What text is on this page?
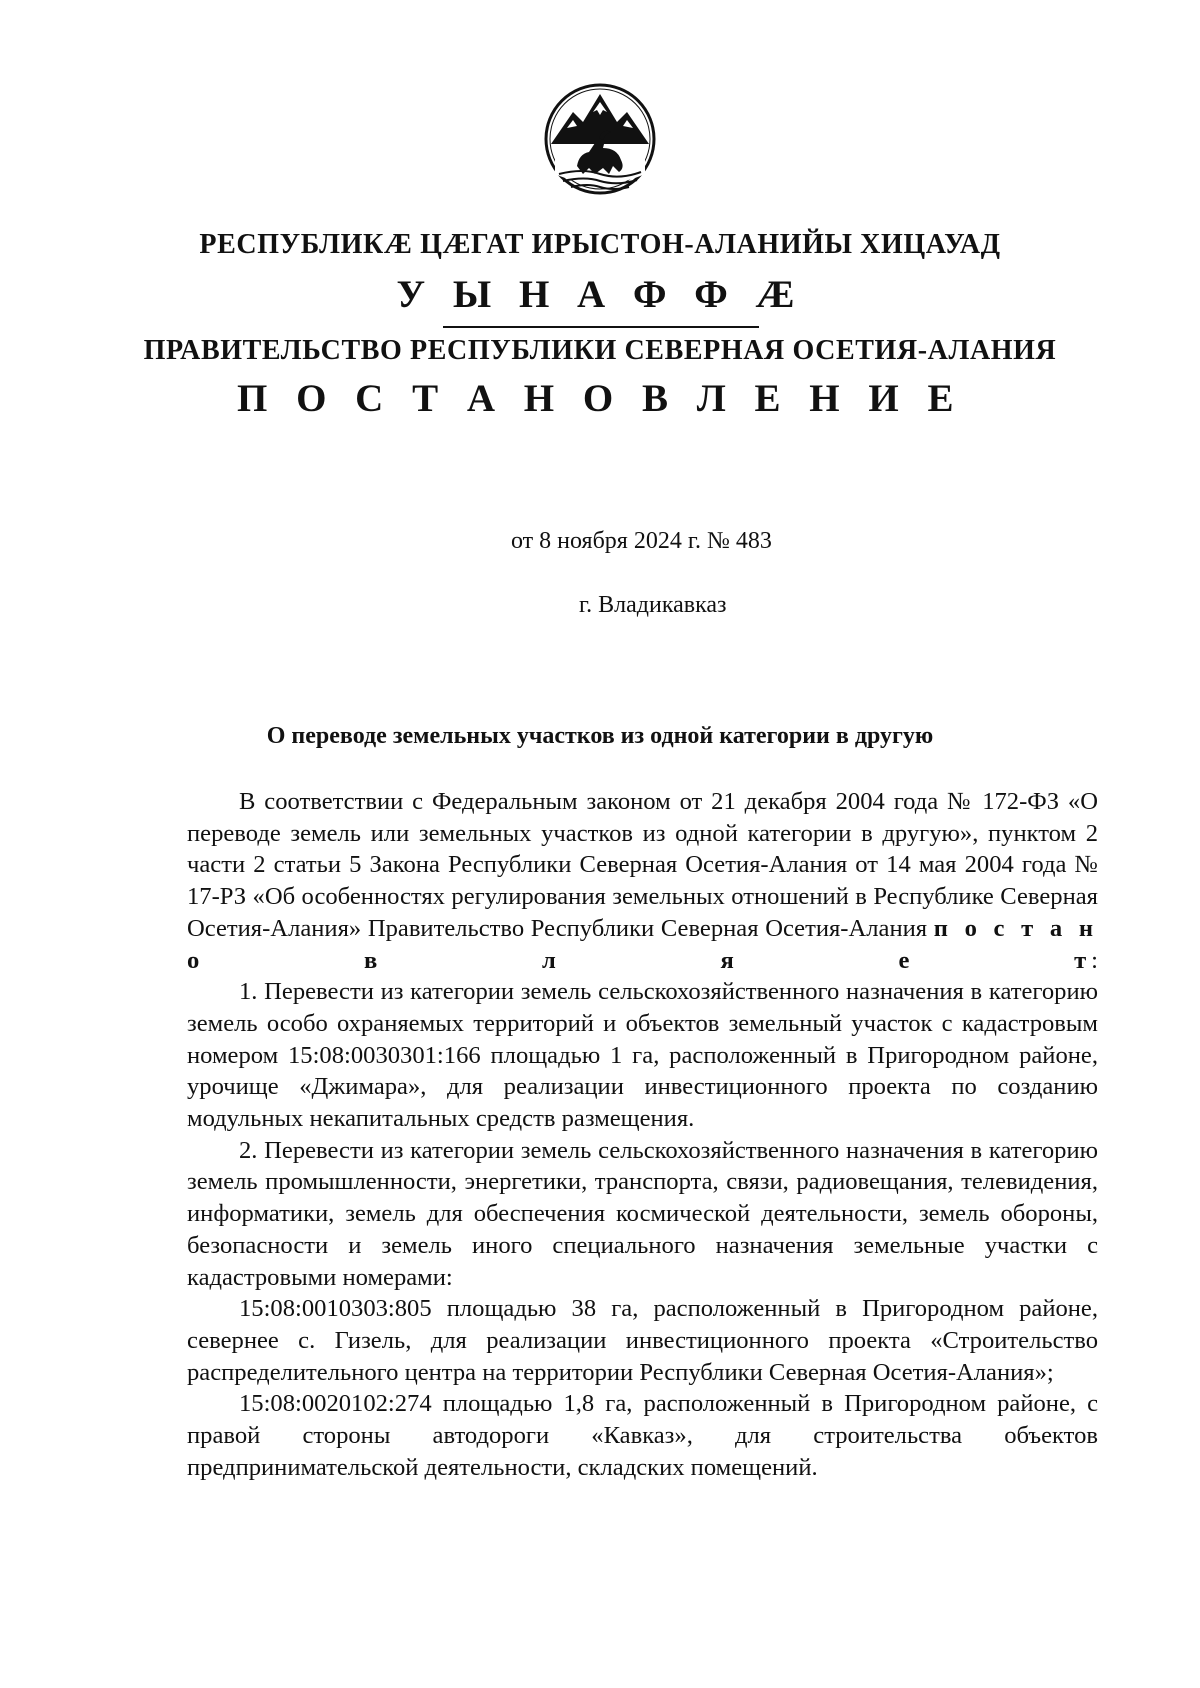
РЕСПУБЛИКӔ ЦӔГАТ ИРЫСТОН-АЛАНИЙЫ ХИЦАУАД
У Ы Н А Ф Ф Ӕ
ПРАВИТЕЛЬСТВО РЕСПУБЛИКИ СЕВЕРНАЯ ОСЕТИЯ-АЛАНИЯ
П О С Т А Н О В Л Е Н И Е
от 8 ноября 2024 г. № 483
г. Владикавказ
О переводе земельных участков из одной категории в другую

В соответствии с Федеральным законом от 21 декабря 2004 года № 172-ФЗ «О переводе земель или земельных участков из одной категории в другую», пунктом 2 части 2 статьи 5 Закона Республики Северная Осетия-Алания от 14 мая 2004 года № 17-РЗ «Об особенностях регулирования земельных отношений в Республике Северная Осетия-Алания» Правительство Республики Северная Осетия-Алания п о с т а н о в л я е т:

1. Перевести из категории земель сельскохозяйственного назначения в категорию земель особо охраняемых территорий и объектов земельный участок с кадастровым номером 15:08:0030301:166 площадью 1 га, расположенный в Пригородном районе, урочище «Джимара», для реализации инвестиционного проекта по созданию модульных некапитальных средств размещения.

2. Перевести из категории земель сельскохозяйственного назначения в категорию земель промышленности, энергетики, транспорта, связи, радиовещания, телевидения, информатики, земель для обеспечения космической деятельности, земель обороны, безопасности и земель иного специального назначения земельные участки с кадастровыми номерами:

15:08:0010303:805 площадью 38 га, расположенный в Пригородном районе, севернее с. Гизель, для реализации инвестиционного проекта «Строительство распределительного центра на территории Республики Северная Осетия-Алания»;

15:08:0020102:274 площадью 1,8 га, расположенный в Пригородном районе, с правой стороны автодороги «Кавказ», для строительства объектов предпринимательской деятельности, складских помещений.
